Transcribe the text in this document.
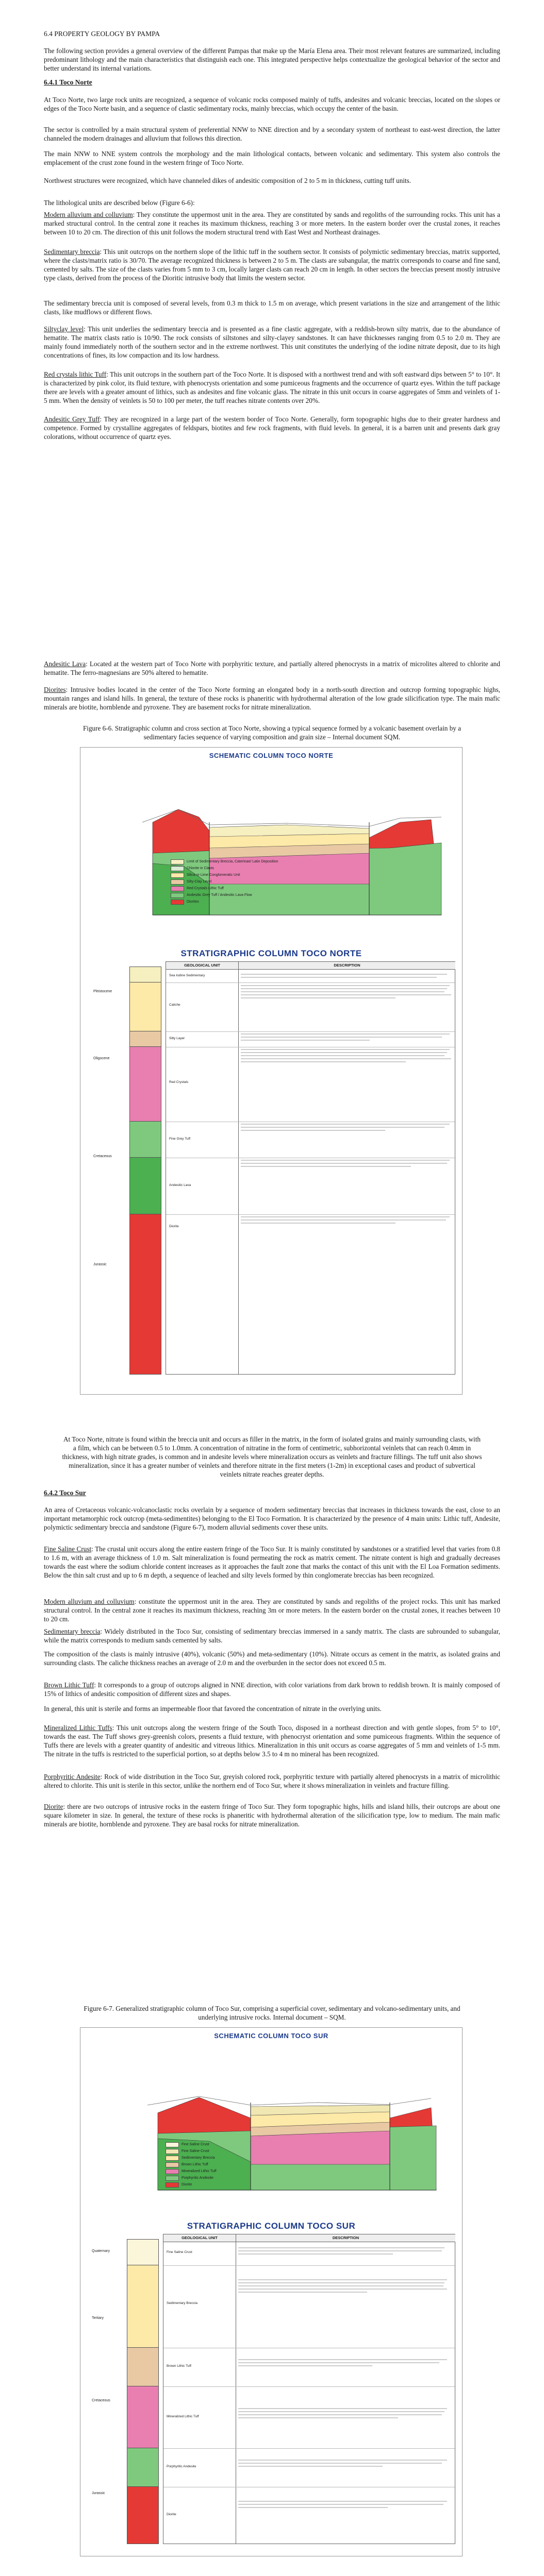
6.4 PROPERTY GEOLOGY BY PAMPA

The following section provides a general overview of the different Pampas that make up the María Elena area. Their most relevant features are summarized, including predominant lithology and the main characteristics that distinguish each one. This integrated perspective helps contextualize the geological behavior of the sector and better understand its internal variations.

6.4.1 Toco Norte

At Toco Norte, two large rock units are recognized, a sequence of volcanic rocks composed mainly of tuffs, andesites and volcanic breccias, located on the slopes or edges of the Toco Norte basin, and a sequence of clastic sedimentary rocks, mainly breccias, which occupy the center of the basin.

The sector is controlled by a main structural system of preferential NNW to NNE direction and by a secondary system of northeast to east-west direction, the latter channeled the modern drainages and alluvium that follows this direction.

The main NNW to NNE system controls the morphology and the main lithological contacts, between volcanic and sedimentary. This system also controls the emplacement of the crust zone found in the western fringe of Toco Norte.

Northwest structures were recognized, which have channeled dikes of andesitic composition of 2 to 5 m in thickness, cutting tuff units.

The lithological units are described below (Figure 6-6):

Modern alluvium and colluvium: They constitute the uppermost unit in the area. They are constituted by sands and regoliths of the surrounding rocks. This unit has a marked structural control. In the central zone it reaches its maximum thickness, reaching 3 or more meters. In the eastern border over the crustal zones, it reaches between 10 to 20 cm. The direction of this unit follows the modern structural trend with East West and Northeast drainages.

Sedimentary breccia: This unit outcrops on the northern slope of the lithic tuff in the southern sector. It consists of polymictic sedimentary breccias, matrix supported, where the clasts/matrix ratio is 30/70. The average recognized thickness is between 2 to 5 m. The clasts are subangular, the matrix corresponds to coarse and fine sand, cemented by salts. The size of the clasts varies from 5 mm to 3 cm, locally larger clasts can reach 20 cm in length. In other sectors the breccias present mostly intrusive type clasts, derived from the process of the Dioritic intrusive body that limits the western sector.

The sedimentary breccia unit is composed of several levels, from 0.3 m thick to 1.5 m on average, which present variations in the size and arrangement of the lithic clasts, like mudflows or different flows.

Siltyclay level: This unit underlies the sedimentary breccia and is presented as a fine clastic aggregate, with a reddish-brown silty matrix, due to the abundance of hematite. The matrix clasts ratio is 10/90. The rock consists of siltstones and silty-clayey sandstones. It can have thicknesses ranging from 0.5 to 2.0 m. They are mainly found immediately north of the southern sector and in the extreme northwest. This unit constitutes the underlying of the iodine nitrate deposit, due to its high concentrations of fines, its low compaction and its low hardness.

Red crystals lithic Tuff: This unit outcrops in the southern part of the Toco Norte. It is disposed with a northwest trend and with soft eastward dips between 5° to 10°. It is characterized by pink color, its fluid texture, with phenocrysts orientation and some pumiceous fragments and the occurrence of quartz eyes. Within the tuff package there are levels with a greater amount of lithics, such as andesites and fine volcanic glass. The nitrate in this unit occurs in coarse aggregates of 5mm and veinlets of 1-5 mm. When the density of veinlets is 50 to 100 per meter, the tuff reaches nitrate contents over 20%.

Andesitic Grey Tuff: They are recognized in a large part of the western border of Toco Norte. Generally, form topographic highs due to their greater hardness and competence. Formed by crystalline aggregates of feldspars, biotites and few rock fragments, with fluid levels. In general, it is a barren unit and presents dark gray colorations, without occurrence of quartz eyes.

Andesitic Lava: Located at the western part of Toco Norte with porphyritic texture, and partially altered phenocrysts in a matrix of microlites altered to chlorite and hematite. The ferro-magnesians are 50% altered to hematite.

Diorites: Intrusive bodies located in the center of the Toco Norte forming an elongated body in a north-south direction and outcrop forming topographic highs, mountain ranges and island hills. In general, the texture of these rocks is phaneritic with hydrothermal alteration of the low grade silicification type. The main mafic minerals are biotite, hornblende and pyroxene. They are basement rocks for nitrate mineralization.

Figure 6-6. Stratigraphic column and cross section at Toco Norte, showing a typical sequence formed by a volcanic basement overlain by a sedimentary facies sequence of varying composition and grain size – Internal document SQM.

SCHEMATIC COLUMN TOCO NORTE
Limit of Sedimentary Breccia, Caterinae/ Latin Deposition
Chlorite in Clasts
Silica or Lime Conglomeratic Unit
Silty-Clay Level
Red Crystals Lithic Tuff
Andesitic Grey Tuff / Andesitic Lava Flow
Diorites
STRATIGRAPHIC COLUMN TOCO NORTE
Pleistocene
Oligocene
Cretaceous
Jurassic
GEOLOGICAL UNIT	DESCRIPTION
Sea Iodine Sedimentary
Caliche
Silty Layer
Red Crystals
Fine Grey Tuff
Andesitic Lava
Diorite

At Toco Norte, nitrate is found within the breccia unit and occurs as filler in the matrix, in the form of isolated grains and mainly surrounding clasts, with a film, which can be between 0.5 to 1.0mm. A concentration of nitratine in the form of centimetric, subhorizontal veinlets that can reach 0.4mm in thickness, with high nitrate grades, is common and in andesite levels where mineralization occurs as veinlets and fracture fillings. The tuff unit also shows mineralization, since it has a greater number of veinlets and therefore nitrate in the first meters (1-2m) in exceptional cases and product of subvertical veinlets nitrate reaches greater depths.

6.4.2 Toco Sur

An area of Cretaceous volcanic-volcanoclastic rocks overlain by a sequence of modern sedimentary breccias that increases in thickness towards the east, close to an important metamorphic rock outcrop (meta-sedimentites) belonging to the El Toco Formation. It is characterized by the presence of 4 main units: Lithic tuff, Andesite, polymictic sedimentary breccia and sandstone (Figure 6-7), modern alluvial sediments cover these units.

Fine Saline Crust: The crustal unit occurs along the entire eastern fringe of the Toco Sur. It is mainly constituted by sandstones or a stratified level that varies from 0.8 to 1.6 m, with an average thickness of 1.0 m. Salt mineralization is found permeating the rock as matrix cement. The nitrate content is high and gradually decreases towards the east where the sodium chloride content increases as it approaches the fault zone that marks the contact of this unit with the El Loa Formation sediments. Below the thin salt crust and up to 6 m depth, a sequence of leached and silty levels formed by thin conglomerate breccias has been recognized.

Modern alluvium and colluvium: constitute the uppermost unit in the area. They are constituted by sands and regoliths of the project rocks. This unit has marked structural control. In the central zone it reaches its maximum thickness, reaching 3m or more meters. In the eastern border on the crustal zones, it reaches between 10 to 20 cm.

Sedimentary breccia: Widely distributed in the Toco Sur, consisting of sedimentary breccias immersed in a sandy matrix. The clasts are subrounded to subangular, while the matrix corresponds to medium sands cemented by salts.

The composition of the clasts is mainly intrusive (40%), volcanic (50%) and meta-sedimentary (10%). Nitrate occurs as cement in the matrix, as isolated grains and surrounding clasts. The caliche thickness reaches an average of 2.0 m and the overburden in the sector does not exceed 0.5 m.

Brown Lithic Tuff: It corresponds to a group of outcrops aligned in NNE direction, with color variations from dark brown to reddish brown. It is mainly composed of 15% of lithics of andesitic composition of different sizes and shapes.

In general, this unit is sterile and forms an impermeable floor that favored the concentration of nitrate in the overlying units.

Mineralized Lithic Tuffs: This unit outcrops along the western fringe of the South Toco, disposed in a northeast direction and with gentle slopes, from 5° to 10°, towards the east. The Tuff shows grey-greenish colors, presents a fluid texture, with phenocryst orientation and some pumiceous fragments. Within the sequence of Tuffs there are levels with a greater quantity of andesitic and vitreous lithics. Mineralization in this unit occurs as coarse aggregates of 5 mm and veinlets of 1-5 mm. The nitrate in the tuffs is restricted to the superficial portion, so at depths below 3.5 to 4 m no mineral has been recognized.

Porphyritic Andesite: Rock of wide distribution in the Toco Sur, greyish colored rock, porphyritic texture with partially altered phenocrysts in a matrix of microlithic altered to chlorite. This unit is sterile in this sector, unlike the northern end of Toco Sur, where it shows mineralization in veinlets and fracture filling.

Diorite: there are two outcrops of intrusive rocks in the eastern fringe of Toco Sur. They form topographic highs, hills and island hills, their outcrops are about one square kilometer in size. In general, the texture of these rocks is phaneritic with hydrothermal alteration of the silicification type, low to medium. The main mafic minerals are biotite, hornblende and pyroxene. They are basal rocks for nitrate mineralization.

Figure 6-7. Generalized stratigraphic column of Toco Sur, comprising a superficial cover, sedimentary and volcano-sedimentary units, and underlying intrusive rocks. Internal document – SQM.

SCHEMATIC COLUMN TOCO SUR
Fine Saline Crust
Fine Saline Crust
Sedimentary Breccia
Brown Lithic Tuff
Mineralized Lithic Tuff
Porphyritic Andesite
Diorite
STRATIGRAPHIC COLUMN TOCO SUR
Quaternary
Tertiary
Cretaceous
Jurassic
GEOLOGICAL UNIT	DESCRIPTION
Fine Saline Crust
Sedimentary Breccia
Brown Lithic Tuff
Mineralized Lithic Tuff
Porphyritic Andesite
Diorite
